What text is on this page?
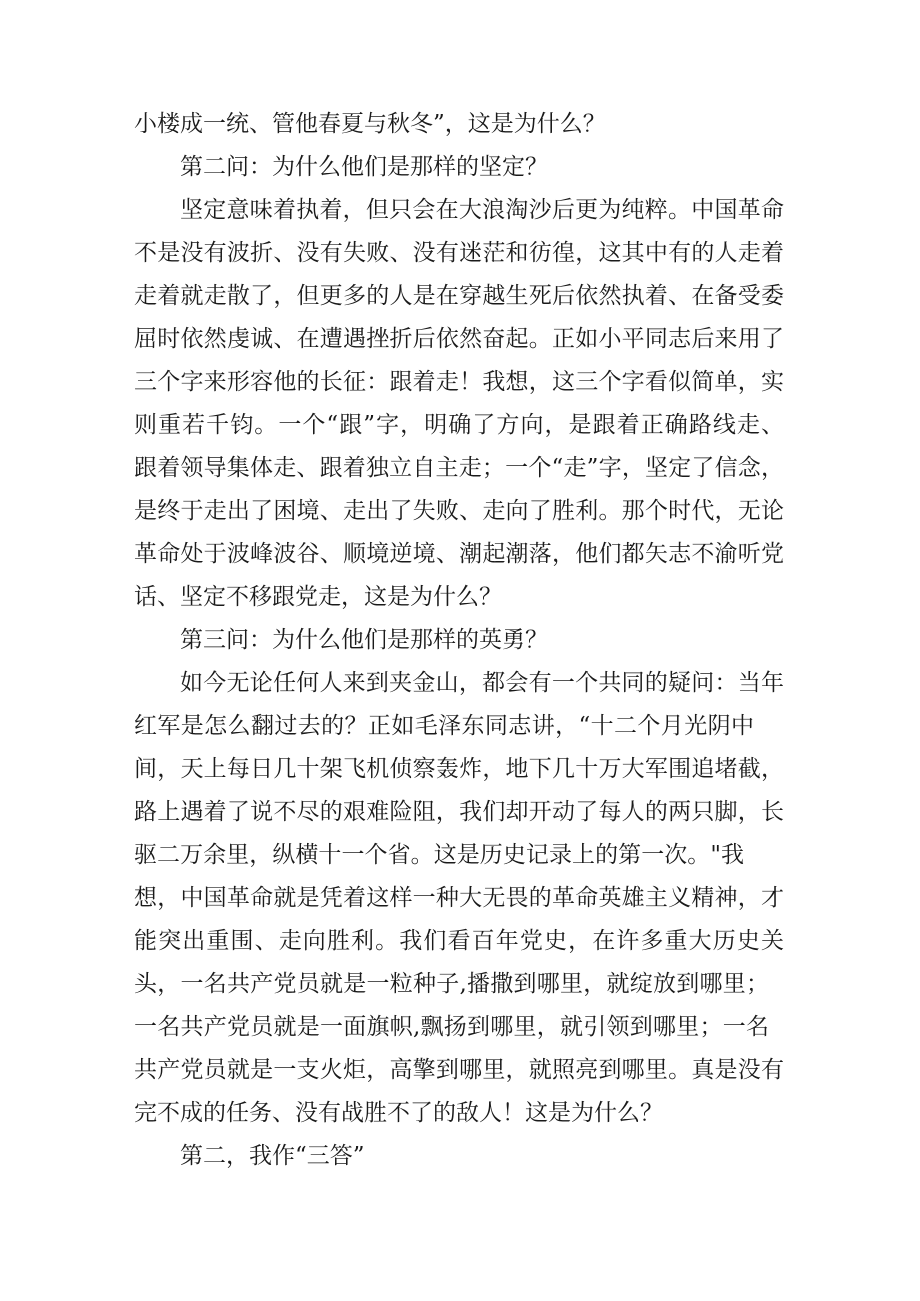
小楼成一统、管他春夏与秋冬”，这是为什么？
第二问：为什么他们是那样的坚定？
坚定意味着执着，但只会在大浪淘沙后更为纯粹。中国革命
不是没有波折、没有失败、没有迷茫和彷徨，这其中有的人走着
走着就走散了，但更多的人是在穿越生死后依然执着、在备受委
屈时依然虔诚、在遭遇挫折后依然奋起。正如小平同志后来用了
三个字来形容他的长征：跟着走！我想，这三个字看似简单，实
则重若千钧。一个“跟”字，明确了方向，是跟着正确路线走、
跟着领导集体走、跟着独立自主走；一个“走”字，坚定了信念，
是终于走出了困境、走出了失败、走向了胜利。那个时代，无论
革命处于波峰波谷、顺境逆境、潮起潮落，他们都矢志不渝听党
话、坚定不移跟党走，这是为什么？
第三问：为什么他们是那样的英勇？
如今无论任何人来到夹金山，都会有一个共同的疑问：当年
红军是怎么翻过去的？正如毛泽东同志讲，“十二个月光阴中
间，天上每日几十架飞机侦察轰炸，地下几十万大军围追堵截，
路上遇着了说不尽的艰难险阻，我们却开动了每人的两只脚，长
驱二万余里，纵横十一个省。这是历史记录上的第一次。"我
想，中国革命就是凭着这样一种大无畏的革命英雄主义精神，才
能突出重围、走向胜利。我们看百年党史，在许多重大历史关
头，一名共产党员就是一粒种子,播撒到哪里，就绽放到哪里；
一名共产党员就是一面旗帜,飘扬到哪里，就引领到哪里；一名
共产党员就是一支火炬，高擎到哪里，就照亮到哪里。真是没有
完不成的任务、没有战胜不了的敌人！这是为什么？
第二，我作“三答”
